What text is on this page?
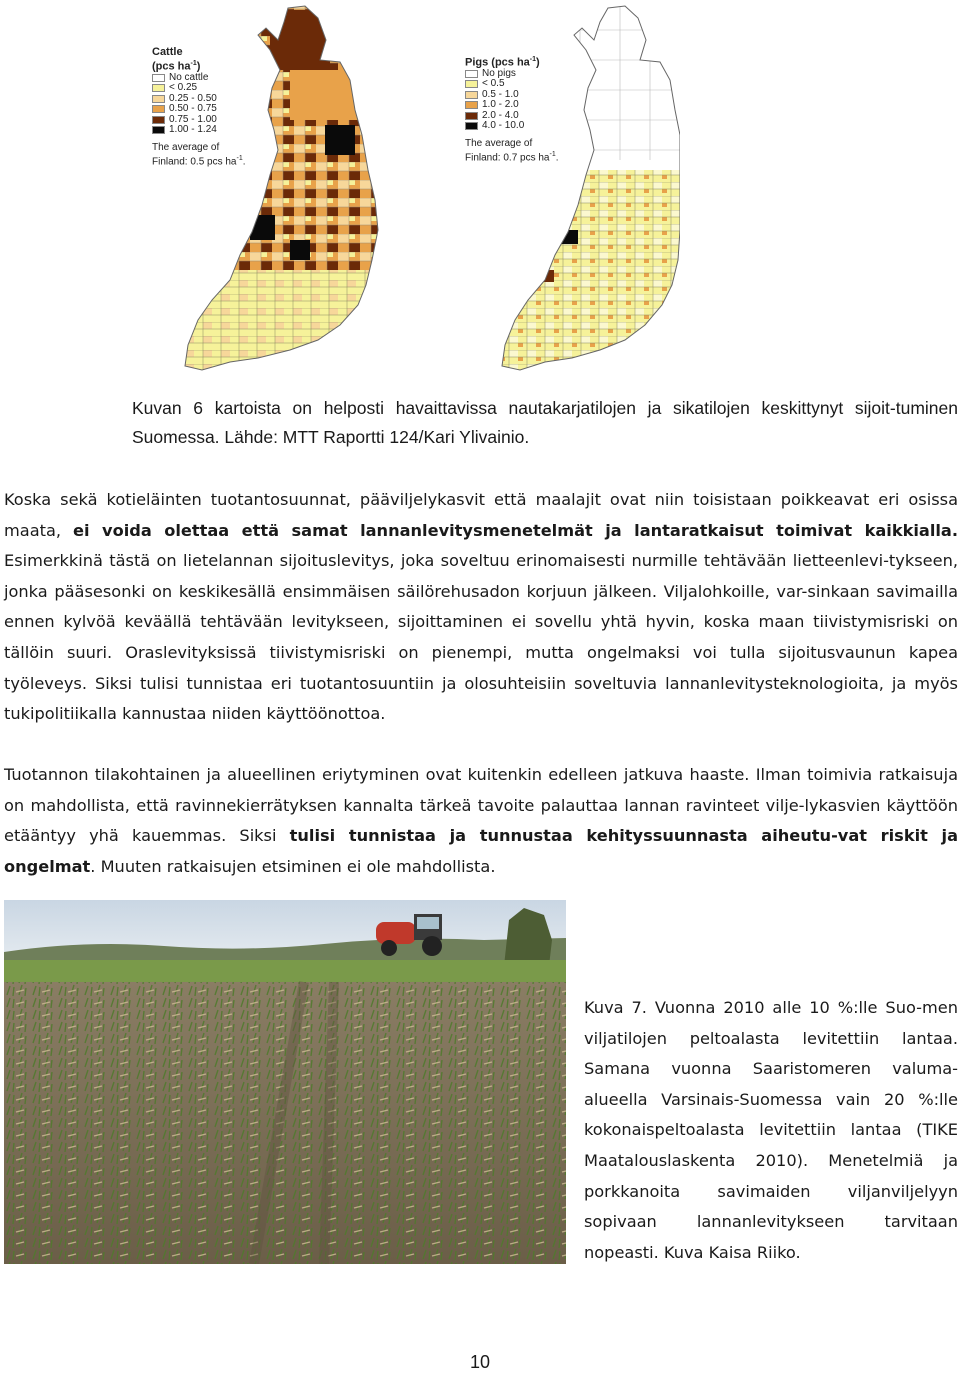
Cattle
(pcs $ha^{-1}$)
No cattle
< 0.25
0.25 - 0.50
0.50 - 0.75
0.75 - 1.00
1.00 - 1.24
The average of
Finland: 0.5 pcs $ha^{-1}$.
Pigs (pcs $ha^{-1}$)
No pigs
< 0.5
0.5 - 1.0
1.0 - 2.0
2.0 - 4.0
4.0 - 10.0
The average of
Finland: 0.7 pcs $ha^{-1}$.
Kuvan 6 kartoista on helposti havaittavissa nautakarjatilojen ja sikatilojen keskittynyt sijoit-tuminen Suomessa. Lähde: MTT Raportti 124/Kari Ylivainio.
Koska sekä kotieläinten tuotantosuunnat, pääviljelykasvit että maalajit ovat niin toisistaan poikkeavat eri osissa maata, ei voida olettaa että samat lannanlevitysmenetelmät ja lantaratkaisut toimivat kaikkialla. Esimerkkinä tästä on lietelannan sijoituslevitys, joka soveltuu erinomaisesti nurmille tehtävään lietteenlevi-tykseen, jonka pääsesonki on keskikesällä ensimmäisen säilörehusadon korjuun jälkeen. Viljalohkoille, var-sinkaan savimailla ennen kylvöä keväällä tehtävään levitykseen, sijoittaminen ei sovellu yhtä hyvin, koska maan tiivistymisriski on tällöin suuri. Oraslevityksissä tiivistymisriski on pienempi, mutta ongelmaksi voi tulla sijoitusvaunun kapea työleveys. Siksi tulisi tunnistaa eri tuotantosuuntiin ja olosuhteisiin soveltuvia lannanlevitysteknologioita, ja myös tukipolitiikalla kannustaa niiden käyttöönottoa.
Tuotannon tilakohtainen ja alueellinen eriytyminen ovat kuitenkin edelleen jatkuva haaste. Ilman toimivia ratkaisuja on mahdollista, että ravinnekierrätyksen kannalta tärkeä tavoite palauttaa lannan ravinteet vilje-lykasvien käyttöön etääntyy yhä kauemmas. Siksi tulisi tunnistaa ja tunnustaa kehityssuunnasta aiheutu-vat riskit ja ongelmat. Muuten ratkaisujen etsiminen ei ole mahdollista.
Kuva 7. Vuonna 2010 alle 10 %:lle Suo-men viljatilojen peltoalasta levitettiin lantaa. Samana vuonna Saaristomeren valuma-alueella Varsinais-Suomessa vain 20 %:lle kokonaispeltoalasta levitettiin lantaa (TIKE Maatalouslaskenta 2010). Menetelmiä ja porkkanoita savimaiden viljanviljelyyn sopivaan lannanlevitykseen tarvitaan nopeasti. Kuva Kaisa Riiko.
10
